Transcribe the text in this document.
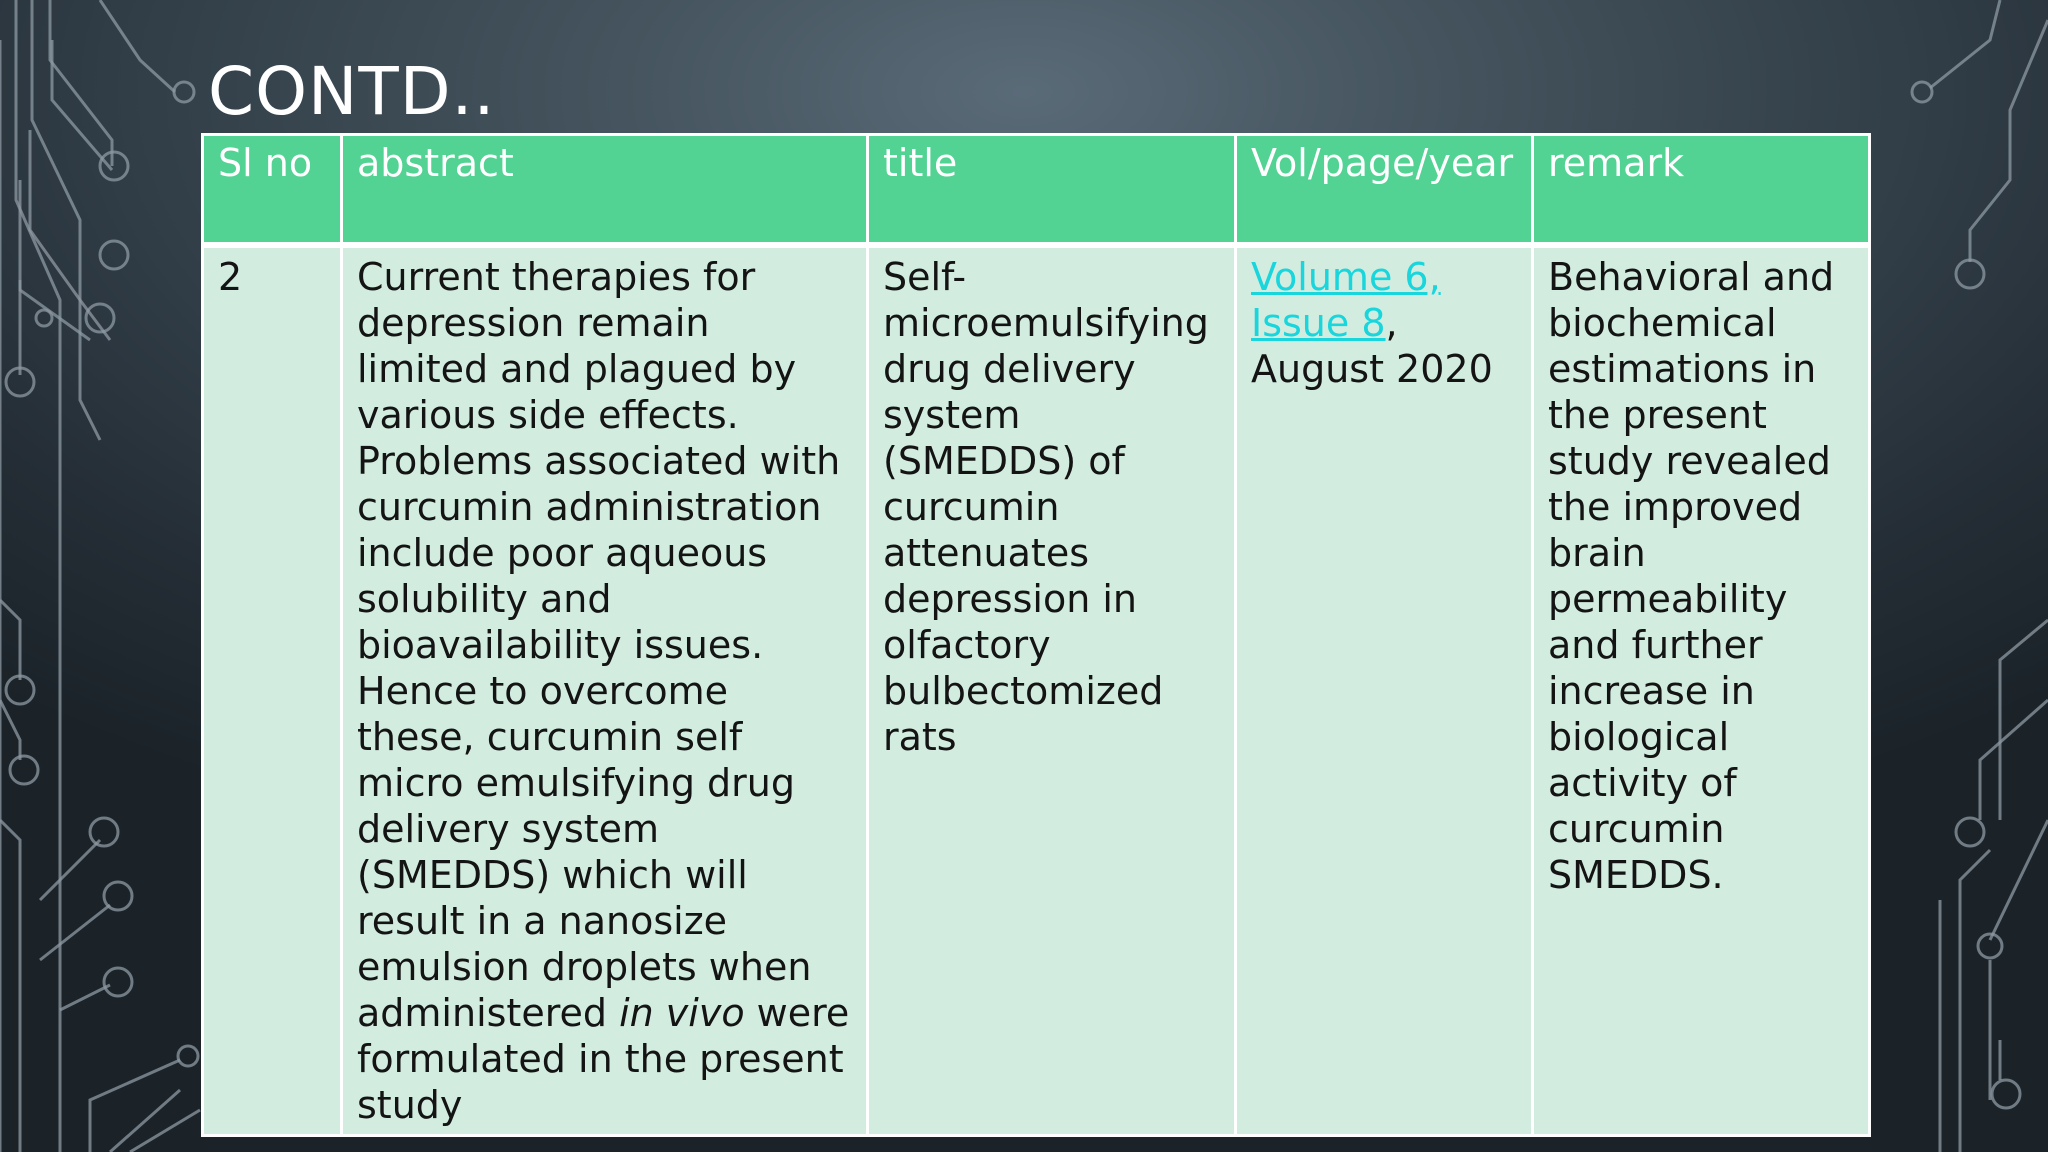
CONTD..
Sl no	abstract	title	Vol/page/year	remark
2	Current therapies for depression remain limited and plagued by various side effects. Problems associated with curcumin administration include poor aqueous solubility and bioavailability issues. Hence to overcome these, curcumin self micro emulsifying drug delivery system (SMEDDS) which will result in a nanosize emulsion droplets when administered in vivo were formulated in the present study	Self-microemulsifying drug delivery system (SMEDDS) of curcumin attenuates depression in olfactory bulbectomized rats	Volume 6, Issue 8, August 2020	Behavioral and biochemical estimations in the present study revealed the improved brain permeability and further increase in biological activity of curcumin SMEDDS.
